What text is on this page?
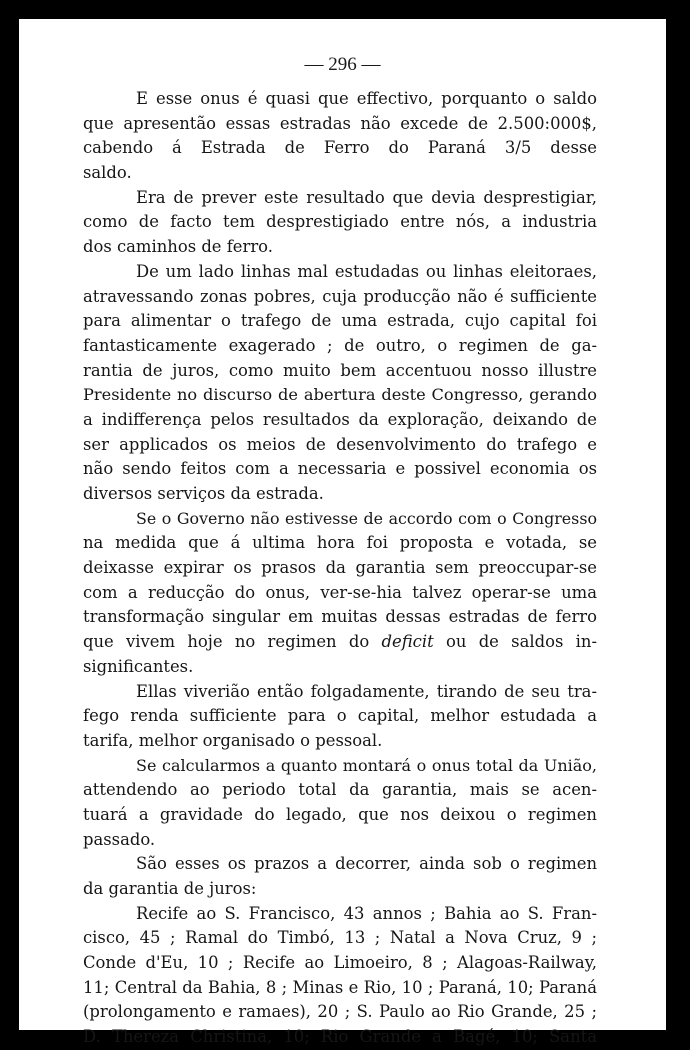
— 296 —
E esse onus é quasi que effectivo, porquanto o saldo
que apresentão essas estradas não excede de 2.500:000$,
cabendo á Estrada de Ferro do Paraná 3/5 desse
saldo.
Era de prever este resultado que devia desprestigiar,
como de facto tem desprestigiado entre nós, a industria
dos caminhos de ferro.
De um lado linhas mal estudadas ou linhas eleitoraes,
atravessando zonas pobres, cuja producção não é sufficiente
para alimentar o trafego de uma estrada, cujo capital foi
fantasticamente exagerado ; de outro, o regimen de ga-
rantia de juros, como muito bem accentuou nosso illustre
Presidente no discurso de abertura deste Congresso, gerando
a indifferença pelos resultados da exploração, deixando de
ser applicados os meios de desenvolvimento do trafego e
não sendo feitos com a necessaria e possivel economia os
diversos serviços da estrada.
Se o Governo não estivesse de accordo com o Congresso
na medida que á ultima hora foi proposta e votada, se
deixasse expirar os prasos da garantia sem preoccupar-se
com a reducção do onus, ver-se-hia talvez operar-se uma
transformação singular em muitas dessas estradas de ferro
que vivem hoje no regimen do deficit ou de saldos in-
significantes.
Ellas viverião então folgadamente, tirando de seu tra-
fego renda sufficiente para o capital, melhor estudada a
tarifa, melhor organisado o pessoal.
Se calcularmos a quanto montará o onus total da União,
attendendo ao periodo total da garantia, mais se acen-
tuará a gravidade do legado, que nos deixou o regimen
passado.
São esses os prazos a decorrer, ainda sob o regimen
da garantia de juros:
Recife ao S. Francisco, 43 annos ; Bahia ao S. Fran-
cisco, 45 ; Ramal do Timbó, 13 ; Natal a Nova Cruz, 9 ;
Conde d'Eu, 10 ; Recife ao Limoeiro, 8 ; Alagoas-Railway,
11; Central da Bahia, 8 ; Minas e Rio, 10 ; Paraná, 10; Paraná
(prolongamento e ramaes), 20 ; S. Paulo ao Rio Grande, 25 ;
D. Thereza Christina, 10; Rio Grande a Bagé, 10; Santa
